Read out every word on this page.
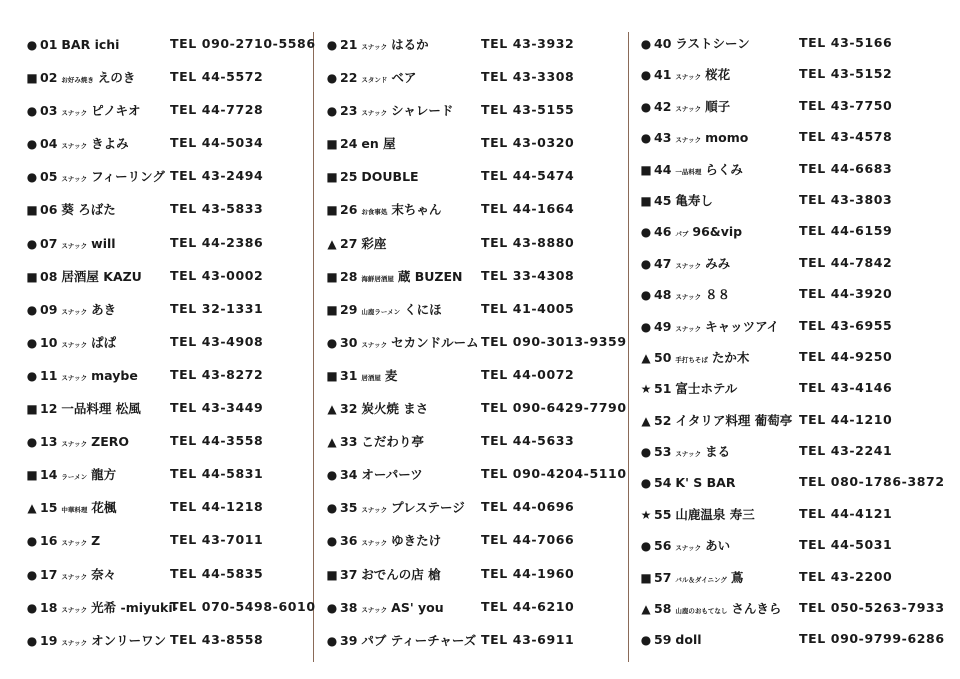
● 01 BAR ichi	TEL 090-2710-5586
■ 02 お好み焼き えのき	TEL 44-5572
● 03 スナック ピノキオ TEL 44-7728
● 04 スナック きよみ	TEL 44-5034
● 05 スナック フィーリング TEL 43-2494
■ 06 葵 ろばた	TEL 43-5833
● 07 スナック will	TEL 44-2386
■ 08 居酒屋 KAZU TEL 43-0002
● 09 スナック あき	TEL 32-1331
● 10 スナック ぱぱ	TEL 43-4908
● 11 スナック maybe	TEL 43-8272
■ 12 一品料理 松風 TEL 43-3449
● 13 スナック ZERO	TEL 44-3558
■ 14 ラーメン 龍方	TEL 44-5831
▲ 15 中華料理 花楓	TEL 44-1218
● 16 スナック Z	TEL 43-7011
● 17 スナック 奈々	TEL 44-5835
● 18 スナック 光希 -miyuki-
TEL 070-5498-6010
● 19 スナック オンリーワン TEL 43-8558
● 21 スナック はるか	TEL 43-3932
● 22 スタンド ベア	TEL 43-3308
● 23 スナック シャレード TEL 43-5155
■ 24 en 屋	TEL 43-0320
■ 25 DOUBLE	TEL 44-5474
■ 26 お食事処 末ちゃん	TEL 44-1664
▲ 27 彩座	TEL 43-8880
■ 28 海鮮居酒屋 蔵 BUZEN TEL 33-4308
■ 29 山鹿ラーメン くにほ	TEL 41-4005
● 30 スナック セカンドルーム TEL 090-3013-9359
■ 31 居酒屋 麦	TEL 44-0072
▲ 32 炭火焼 まさ	TEL 090-6429-7790
▲ 33 こだわり亭	TEL 44-5633
● 34 オーパーツ	TEL 090-4204-5110
● 35 スナック プレステージ TEL 44-0696
● 36 スナック ゆきたけ	TEL 44-7066
■ 37 おでんの店 槍	TEL 44-1960
● 38 スナック AS' you	TEL 44-6210
● 39 パブ ティーチャーズ TEL 43-6911
● 40 ラストシーン	TEL 43-5166
● 41 スナック 桜花	TEL 43-5152
● 42 スナック 順子	TEL 43-7750
● 43 スナック momo	TEL 43-4578
■ 44 一品料理 らくみ	TEL 44-6683
■ 45 亀寿し	TEL 43-3803
● 46 パブ 96&vip	TEL 44-6159
● 47 スナック みみ	TEL 44-7842
● 48 スナック ８８	TEL 44-3920
● 49 スナック キャッツアイ TEL 43-6955
▲ 50 手打ちそば たか木	TEL 44-9250
★ 51 富士ホテル	TEL 43-4146
▲ 52 イタリア料理 葡萄亭 TEL 44-1210
● 53 スナック まる	TEL 43-2241
● 54 K' S BAR	TEL 080-1786-3872
★ 55 山鹿温泉 寿三	TEL 44-4121
● 56 スナック あい	TEL 44-5031
■ 57 バル＆ダイニング 蔦	TEL 43-2200
▲ 58 山鹿のおもてなし さんきら TEL 050-5263-7933
● 59 doll	TEL 090-9799-6286
